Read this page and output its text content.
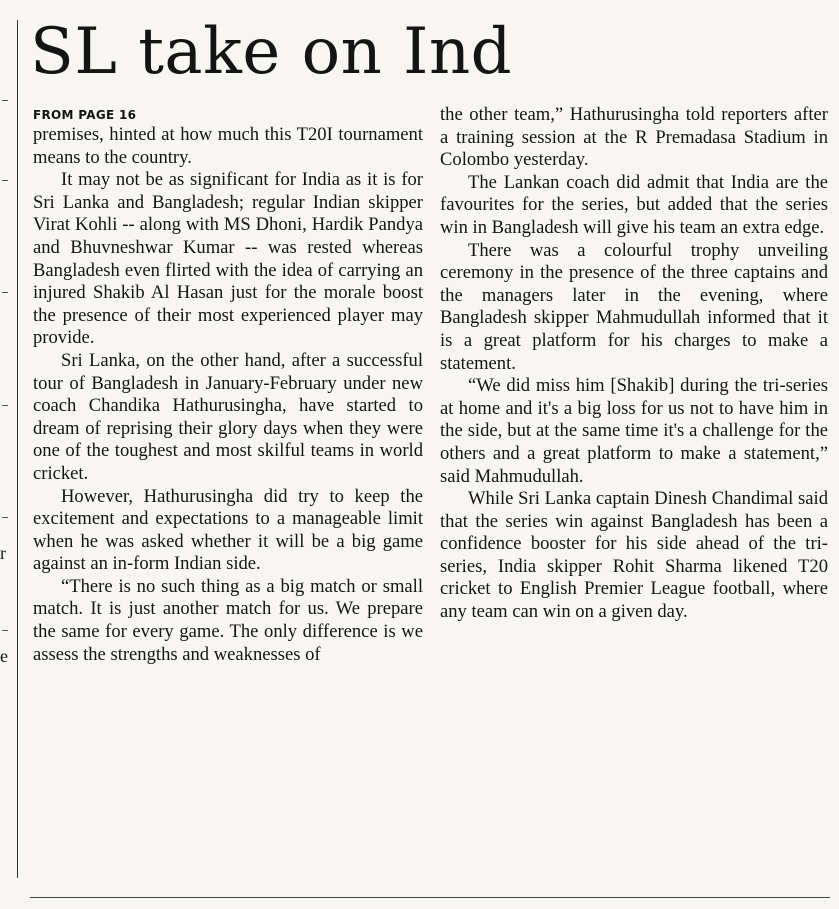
r
e
SL take on Ind
FROM PAGE 16

premises, hinted at how much this T20I tournament means to the country.

It may not be as significant for India as it is for Sri Lanka and Bangladesh; regular Indian skipper Virat Kohli -- along with MS Dhoni, Hardik Pandya and Bhuvneshwar Kumar -- was rested whereas Bangladesh even flirted with the idea of carrying an injured Shakib Al Hasan just for the morale boost the presence of their most experienced player may provide.

Sri Lanka, on the other hand, after a successful tour of Bangladesh in January-February under new coach Chandika Hathurusingha, have started to dream of reprising their glory days when they were one of the toughest and most skilful teams in world cricket.

However, Hathurusingha did try to keep the excitement and expectations to a manageable limit when he was asked whether it will be a big game against an in-form Indian side.

“There is no such thing as a big match or small match. It is just another match for us. We prepare the same for every game. The only difference is we assess the strengths and weaknesses of

the other team,” Hathurusingha told reporters after a training session at the R Premadasa Stadium in Colombo yesterday.

The Lankan coach did admit that India are the favourites for the series, but added that the series win in Bangladesh will give his team an extra edge.

There was a colourful trophy unveiling ceremony in the presence of the three captains and the managers later in the evening, where Bangladesh skipper Mahmudullah informed that it is a great platform for his charges to make a statement.

“We did miss him [Shakib] during the tri-series at home and it's a big loss for us not to have him in the side, but at the same time it's a challenge for the others and a great platform to make a statement,” said Mahmudullah.

While Sri Lanka captain Dinesh Chandimal said that the series win against Bangladesh has been a confidence booster for his side ahead of the tri-series, India skipper Rohit Sharma likened T20 cricket to English Premier League football, where any team can win on a given day.
